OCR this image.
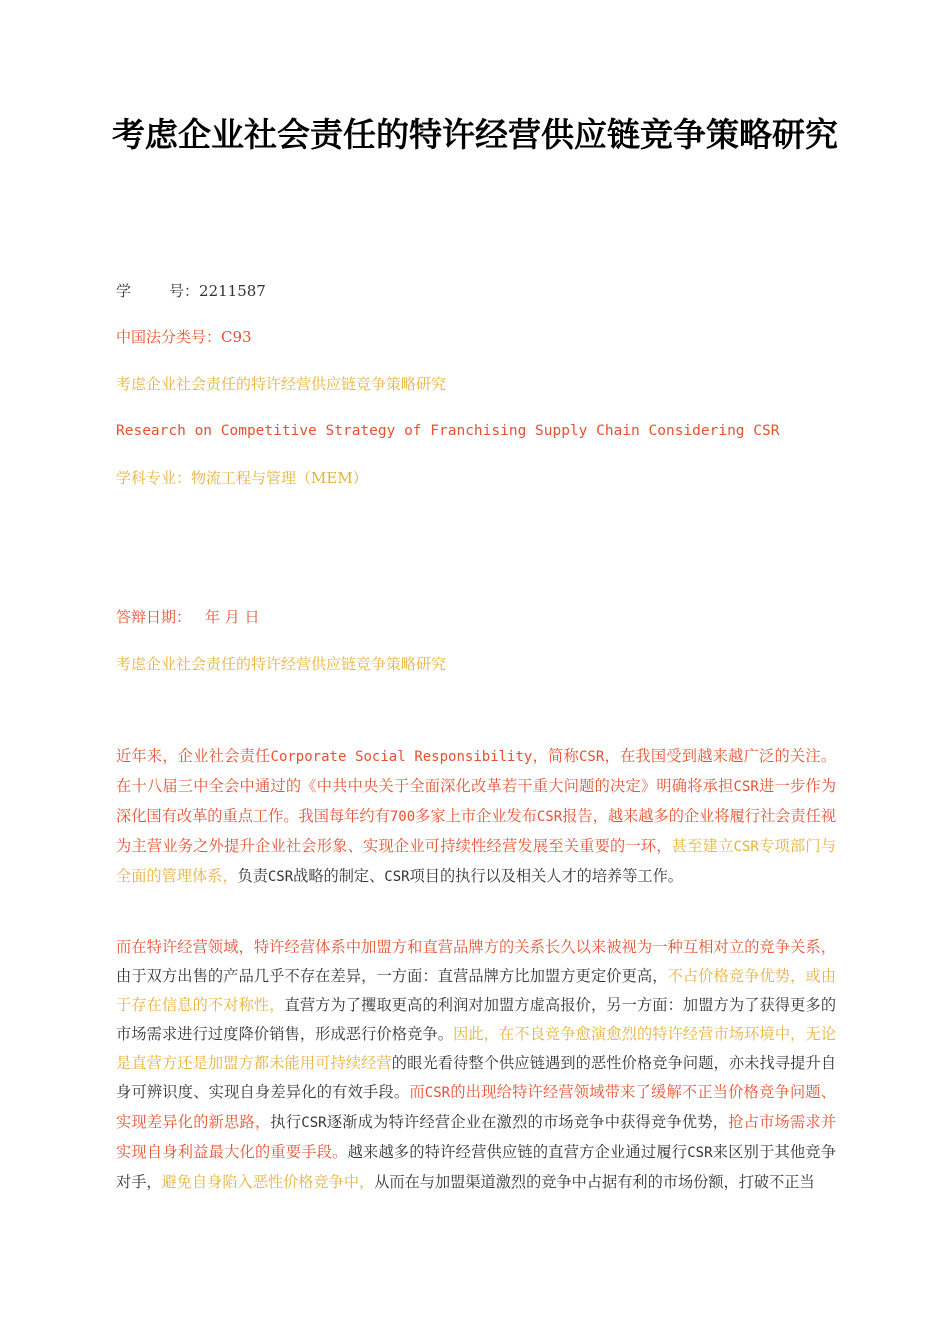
考虑企业社会责任的特许经营供应链竞争策略研究
学	号：2211587
中国法分类号：C93
考虑企业社会责任的特许经营供应链竞争策略研究
Research on Competitive Strategy of Franchising Supply Chain Considering CSR
学科专业：物流工程与管理（MEM）
答辩日期： 年 月 日
考虑企业社会责任的特许经营供应链竞争策略研究

近年来，企业社会责任Corporate Social Responsibility，简称CSR，在我国受到越来越广泛的关注。在十八届三中全会中通过的《中共中央关于全面深化改革若干重大问题的决定》明确将承担CSR进一步作为深化国有改革的重点工作。我国每年约有700多家上市企业发布CSR报告，越来越多的企业将履行社会责任视为主营业务之外提升企业社会形象、实现企业可持续性经营发展至关重要的一环，甚至建立CSR专项部门与全面的管理体系，负责CSR战略的制定、CSR项目的执行以及相关人才的培养等工作。

而在特许经营领域，特许经营体系中加盟方和直营品牌方的关系长久以来被视为一种互相对立的竞争关系，由于双方出售的产品几乎不存在差异，一方面：直营品牌方比加盟方更定价更高，不占价格竞争优势，或由于存在信息的不对称性，直营方为了攫取更高的利润对加盟方虚高报价，另一方面：加盟方为了获得更多的市场需求进行过度降价销售，形成恶行价格竞争。因此，在不良竞争愈演愈烈的特许经营市场环境中，无论是直营方还是加盟方都未能用可持续经营的眼光看待整个供应链遇到的恶性价格竞争问题，亦未找寻提升自身可辨识度、实现自身差异化的有效手段。而CSR的出现给特许经营领域带来了缓解不正当价格竞争问题、实现差异化的新思路，执行CSR逐渐成为特许经营企业在激烈的市场竞争中获得竞争优势，抢占市场需求并实现自身利益最大化的重要手段。越来越多的特许经营供应链的直营方企业通过履行CSR来区别于其他竞争对手，避免自身陷入恶性价格竞争中，从而在与加盟渠道激烈的竞争中占据有利的市场份额，打破不正当
